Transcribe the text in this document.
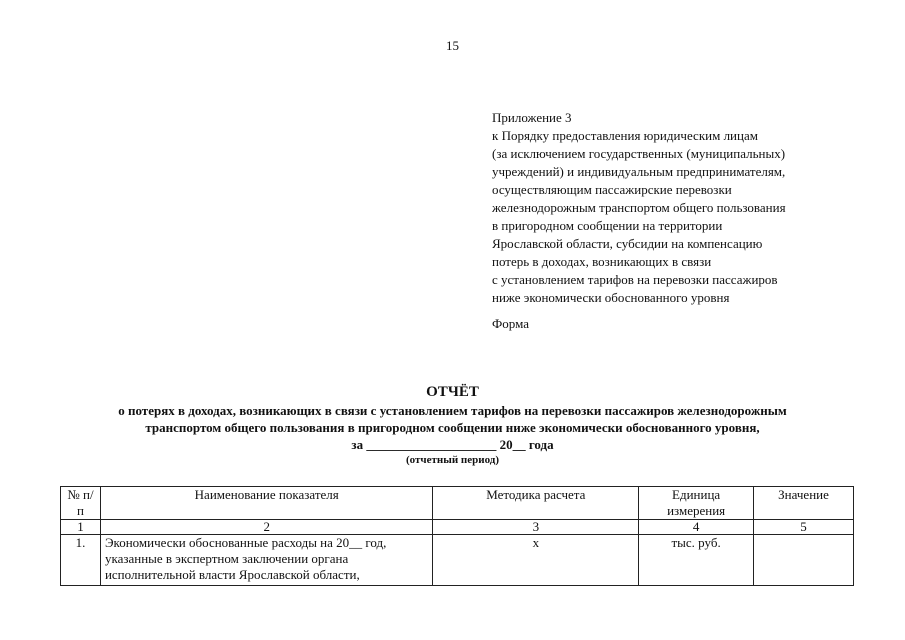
15
Приложение 3
к Порядку предоставления юридическим лицам
(за исключением государственных (муниципальных)
учреждений) и индивидуальным предпринимателям,
осуществляющим пассажирские перевозки
железнодорожным транспортом общего пользования
в пригородном сообщении на территории
Ярославской области, субсидии на компенсацию
потерь в доходах, возникающих в связи
с установлением тарифов на перевозки пассажиров
ниже экономически обоснованного уровня
Форма
ОТЧЁТ
о потерях в доходах, возникающих в связи с установлением тарифов на перевозки пассажиров железнодорожным
транспортом общего пользования в пригородном сообщении ниже экономически обоснованного уровня,
за ____________________ 20__ года
(отчетный период)
№ п/п	Наименование показателя	Методика расчета	Единица измерения	Значение
1	2	3	4	5
1.	Экономически обоснованные расходы на 20__ год, указанные в экспертном заключении органа исполнительной власти Ярославской области,	х	тыс. руб.	
